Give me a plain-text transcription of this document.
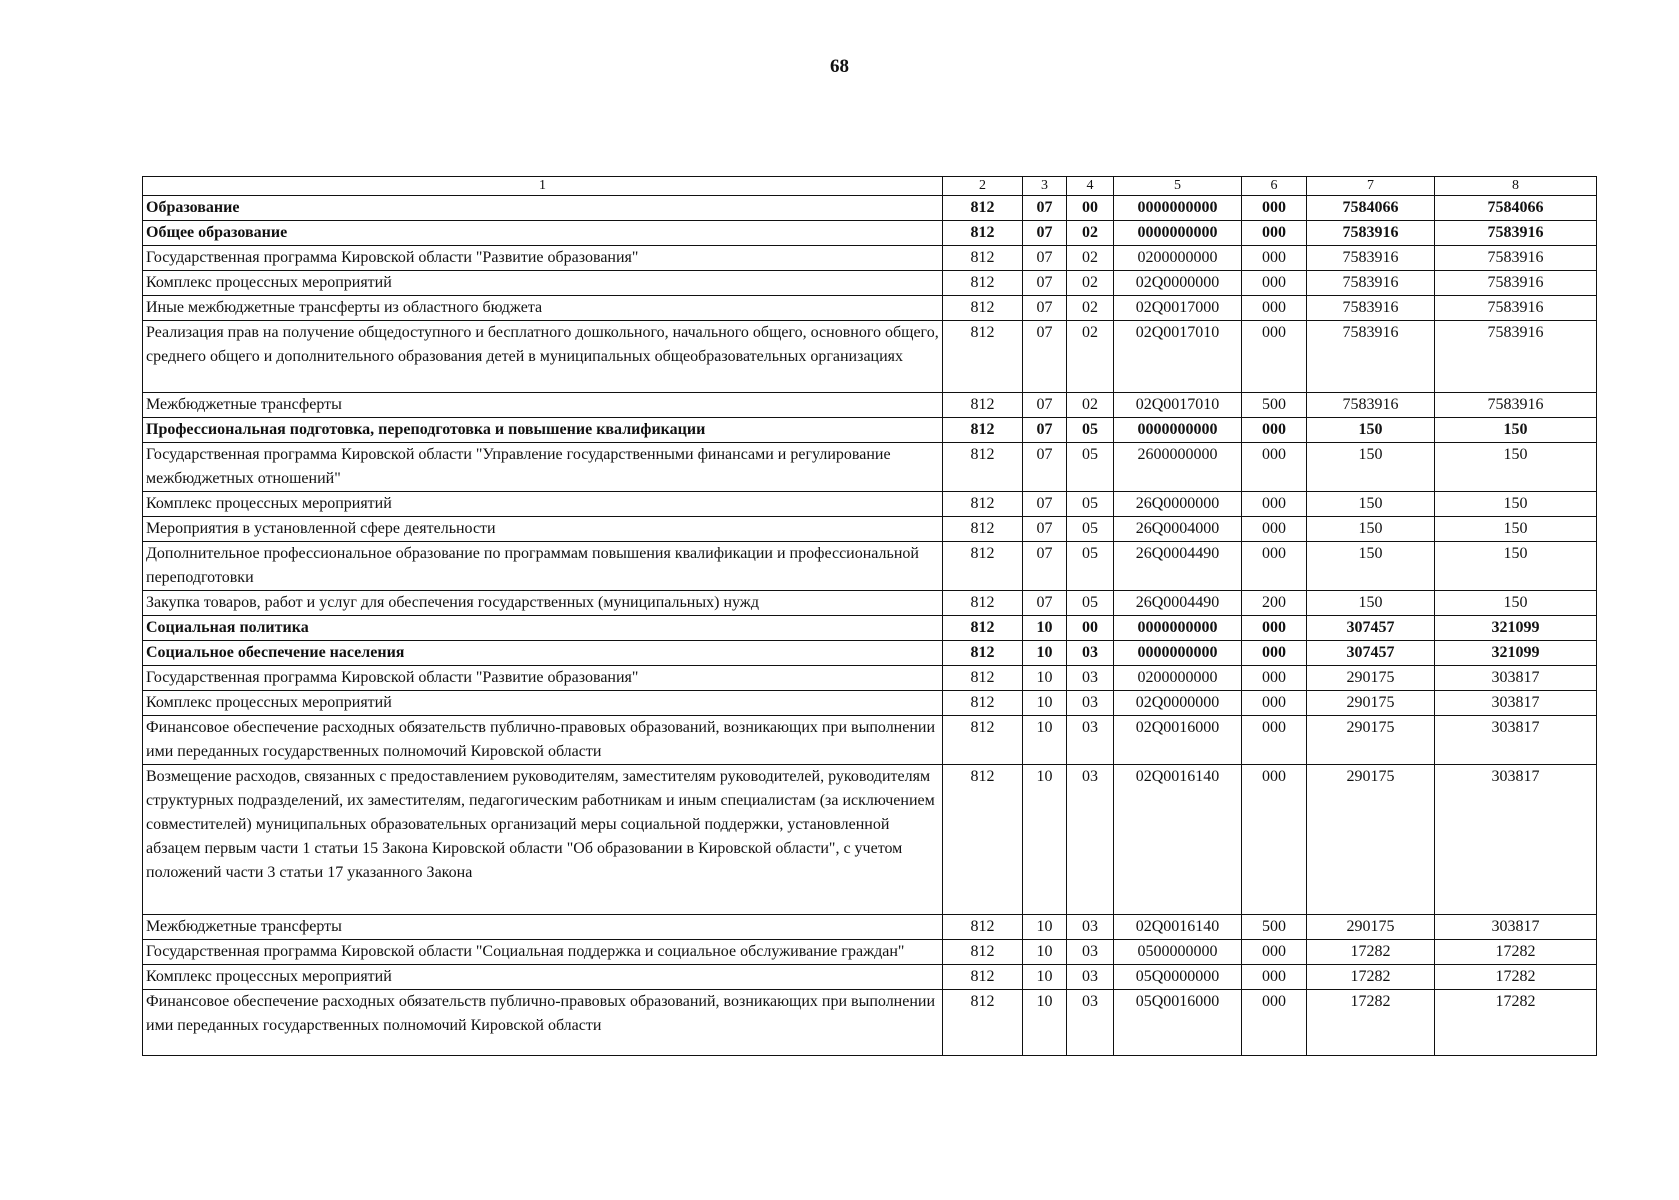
68
1	2	3	4	5	6	7	8
Образование	812	07	00	0000000000	000	7584066	7584066
Общее образование	812	07	02	0000000000	000	7583916	7583916
Государственная программа Кировской области "Развитие образования"	812	07	02	0200000000	000	7583916	7583916
Комплекс процессных мероприятий	812	07	02	02Q0000000	000	7583916	7583916
Иные межбюджетные трансферты из областного бюджета	812	07	02	02Q0017000	000	7583916	7583916
Реализация прав на получение общедоступного и бесплатного дошкольного, начального общего, основного общего, среднего общего и дополнительного образования детей в муниципальных общеобразовательных организациях	812	07	02	02Q0017010	000	7583916	7583916
Межбюджетные трансферты	812	07	02	02Q0017010	500	7583916	7583916
Профессиональная подготовка, переподготовка и повышение квалификации	812	07	05	0000000000	000	150	150
Государственная программа Кировской области "Управление государственными финансами и регулирование межбюджетных отношений"	812	07	05	2600000000	000	150	150
Комплекс процессных мероприятий	812	07	05	26Q0000000	000	150	150
Мероприятия в установленной сфере деятельности	812	07	05	26Q0004000	000	150	150
Дополнительное профессиональное образование по программам повышения квалификации и профессиональной переподготовки	812	07	05	26Q0004490	000	150	150
Закупка товаров, работ и услуг для обеспечения государственных (муниципальных) нужд	812	07	05	26Q0004490	200	150	150
Социальная политика	812	10	00	0000000000	000	307457	321099
Социальное обеспечение населения	812	10	03	0000000000	000	307457	321099
Государственная программа Кировской области "Развитие образования"	812	10	03	0200000000	000	290175	303817
Комплекс процессных мероприятий	812	10	03	02Q0000000	000	290175	303817
Финансовое обеспечение расходных обязательств публично-правовых образований, возникающих при выполнении ими переданных государственных полномочий Кировской области	812	10	03	02Q0016000	000	290175	303817
Возмещение расходов, связанных с предоставлением руководителям, заместителям руководителей, руководителям структурных подразделений, их заместителям, педагогическим работникам и иным специалистам (за исключением совместителей) муниципальных образовательных организаций меры социальной поддержки, установленной абзацем первым части 1 статьи 15 Закона Кировской области "Об образовании в Кировской области", с учетом положений части 3 статьи 17 указанного Закона	812	10	03	02Q0016140	000	290175	303817
Межбюджетные трансферты	812	10	03	02Q0016140	500	290175	303817
Государственная программа Кировской области "Социальная поддержка и социальное обслуживание граждан"	812	10	03	0500000000	000	17282	17282
Комплекс процессных мероприятий	812	10	03	05Q0000000	000	17282	17282
Финансовое обеспечение расходных обязательств публично-правовых образований, возникающих при выполнении ими переданных государственных полномочий Кировской области	812	10	03	05Q0016000	000	17282	17282
